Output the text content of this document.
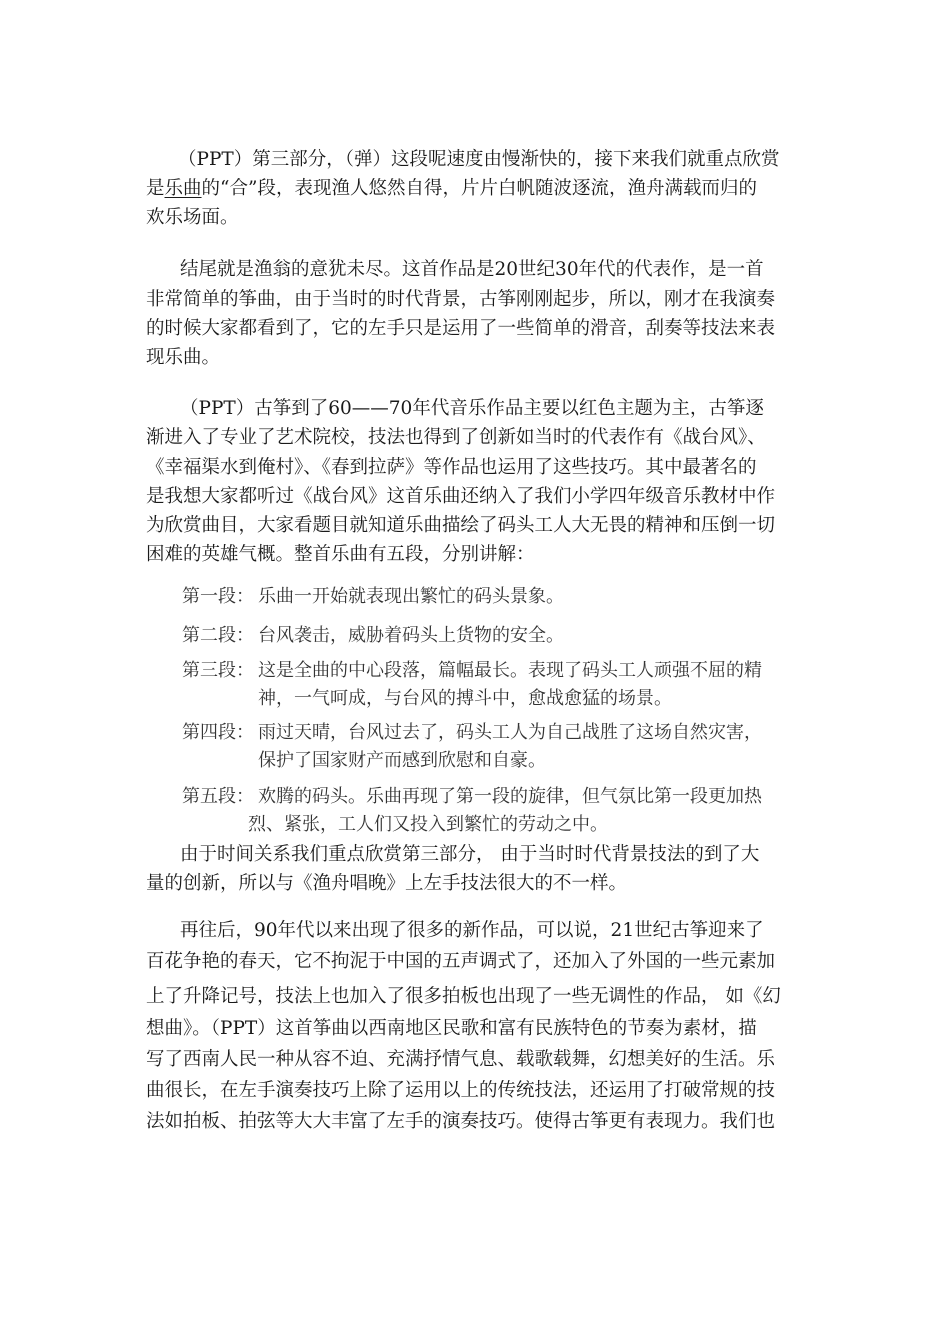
（PPT）第三部分，（弹）这段呢速度由慢渐快的，接下来我们就重点欣赏
是乐曲的“合”段，表现渔人悠然自得，片片白帆随波逐流，渔舟满载而归的
欢乐场面。
结尾就是渔翁的意犹未尽。这首作品是20世纪30年代的代表作，是一首
非常简单的筝曲，由于当时的时代背景，古筝刚刚起步，所以，刚才在我演奏
的时候大家都看到了，它的左手只是运用了一些简单的滑音，刮奏等技法来表
现乐曲。
（PPT）古筝到了60——70年代音乐作品主要以红色主题为主，古筝逐
渐进入了专业了艺术院校，技法也得到了创新如当时的代表作有《战台风》、
《幸福渠水到俺村》、《春到拉萨》等作品也运用了这些技巧。其中最著名的
是我想大家都听过《战台风》这首乐曲还纳入了我们小学四年级音乐教材中作
为欣赏曲目，大家看题目就知道乐曲描绘了码头工人大无畏的精神和压倒一切
困难的英雄气概。整首乐曲有五段，分别讲解：
第一段： 乐曲一开始就表现出繁忙的码头景象。
第二段： 台风袭击，威胁着码头上货物的安全。
第三段： 这是全曲的中心段落，篇幅最长。表现了码头工人顽强不屈的精
神，一气呵成，与台风的搏斗中，愈战愈猛的场景。
第四段： 雨过天晴，台风过去了，码头工人为自己战胜了这场自然灾害，
保护了国家财产而感到欣慰和自豪。
第五段： 欢腾的码头。乐曲再现了第一段的旋律，但气氛比第一段更加热
烈、紧张，工人们又投入到繁忙的劳动之中。
由于时间关系我们重点欣赏第三部分， 由于当时时代背景技法的到了大
量的创新，所以与《渔舟唱晚》上左手技法很大的不一样。
再往后，90年代以来出现了很多的新作品，可以说，21世纪古筝迎来了
百花争艳的春天，它不拘泥于中国的五声调式了，还加入了外国的一些元素加
上了升降记号，技法上也加入了很多拍板也出现了一些无调性的作品， 如《幻
想曲》。（PPT）这首筝曲以西南地区民歌和富有民族特色的节奏为素材，描
写了西南人民一种从容不迫、充满抒情气息、载歌载舞，幻想美好的生活。乐
曲很长，在左手演奏技巧上除了运用以上的传统技法，还运用了打破常规的技
法如拍板、拍弦等大大丰富了左手的演奏技巧。使得古筝更有表现力。我们也
